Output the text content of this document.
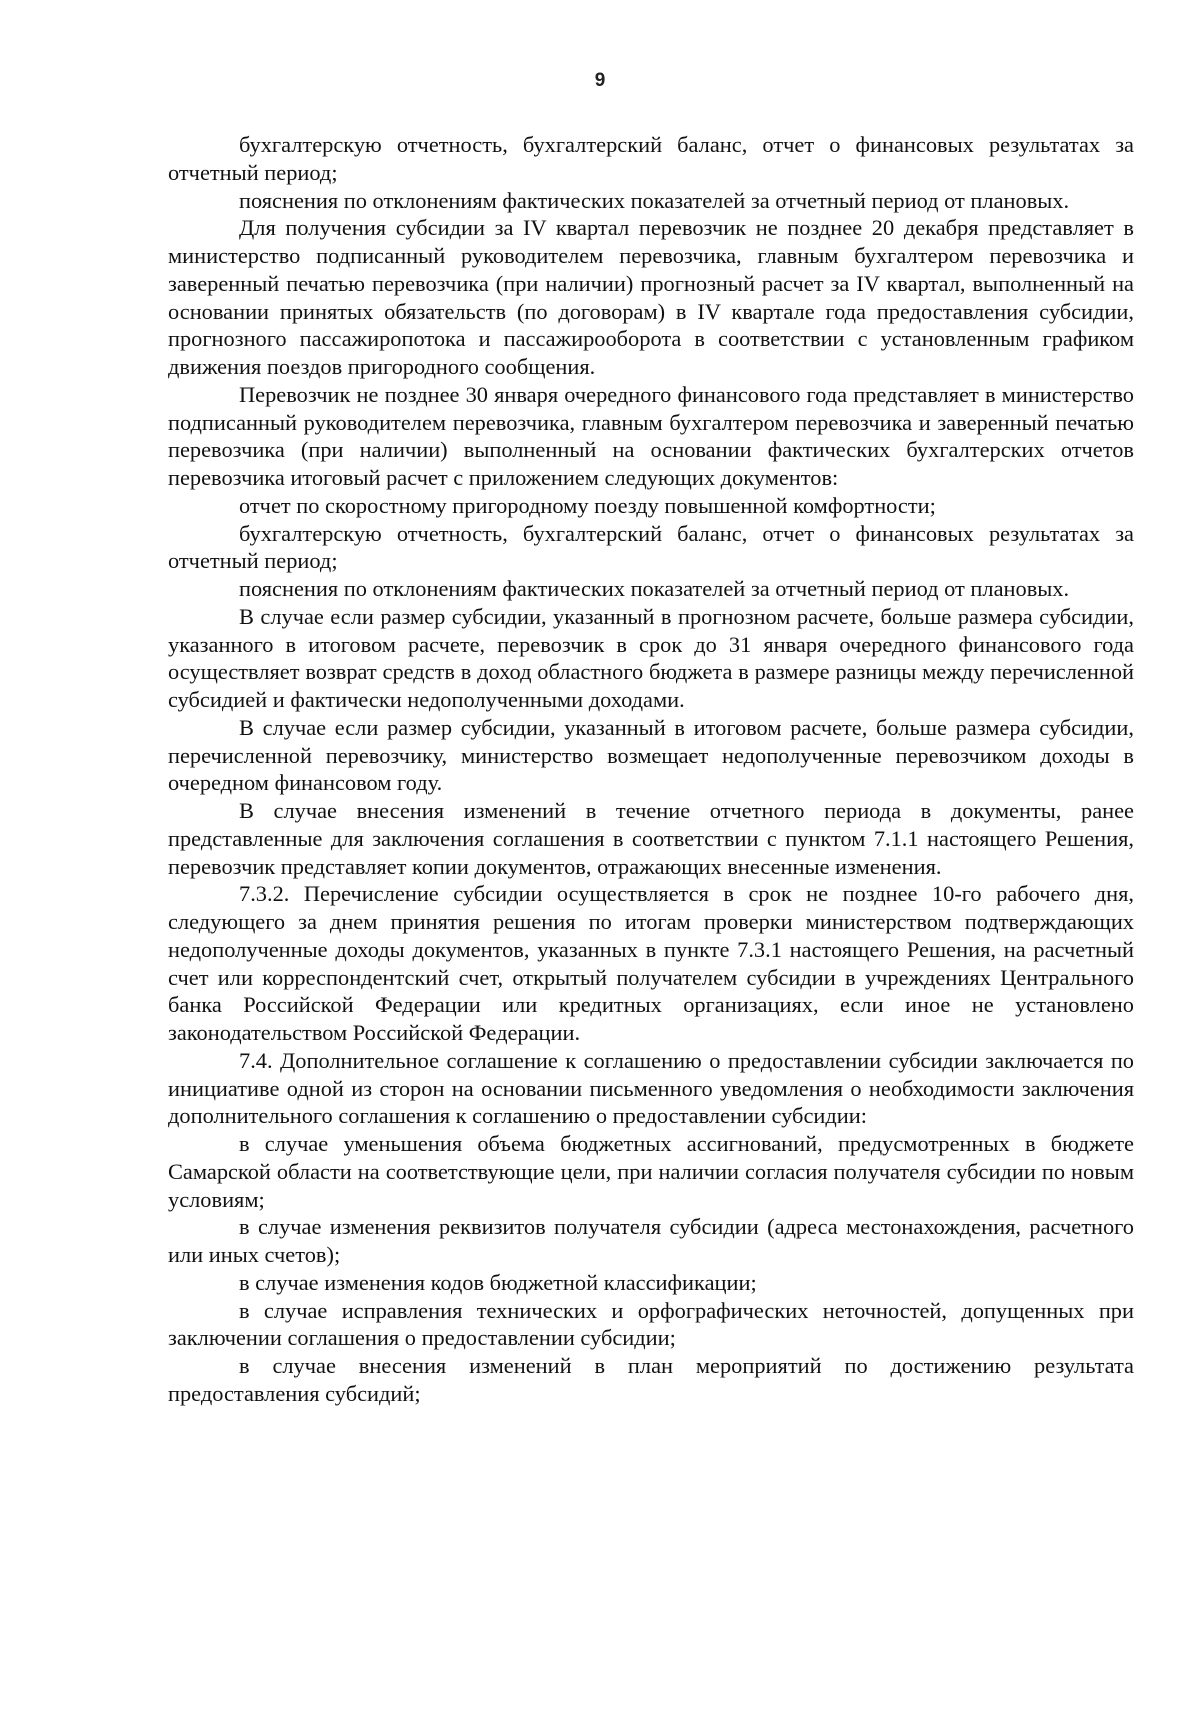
9

бухгалтерскую отчетность, бухгалтерский баланс, отчет о финансовых результатах за отчетный период;

пояснения по отклонениям фактических показателей за отчетный период от плановых.

Для получения субсидии за IV квартал перевозчик не позднее 20 декабря представляет в министерство подписанный руководителем перевозчика, главным бухгалтером перевозчика и заверенный печатью перевозчика (при наличии) прогнозный расчет за IV квартал, выполненный на основании принятых обязательств (по договорам) в IV квартале года предоставления субсидии, прогнозного пассажиропотока и пассажирооборота в соответствии с установленным графиком движения поездов пригородного сообщения.

Перевозчик не позднее 30 января очередного финансового года представляет в министерство подписанный руководителем перевозчика, главным бухгалтером перевозчика и заверенный печатью перевозчика (при наличии) выполненный на основании фактических бухгалтерских отчетов перевозчика итоговый расчет с приложением следующих документов:

отчет по скоростному пригородному поезду повышенной комфортности;

бухгалтерскую отчетность, бухгалтерский баланс, отчет о финансовых результатах за отчетный период;

пояснения по отклонениям фактических показателей за отчетный период от плановых.

В случае если размер субсидии, указанный в прогнозном расчете, больше размера субсидии, указанного в итоговом расчете, перевозчик в срок до 31 января очередного финансового года осуществляет возврат средств в доход областного бюджета в размере разницы между перечисленной субсидией и фактически недополученными доходами.

В случае если размер субсидии, указанный в итоговом расчете, больше размера субсидии, перечисленной перевозчику, министерство возмещает недополученные перевозчиком доходы в очередном финансовом году.

В случае внесения изменений в течение отчетного периода в документы, ранее представленные для заключения соглашения в соответствии с пунктом 7.1.1 настоящего Решения, перевозчик представляет копии документов, отражающих внесенные изменения.

7.3.2. Перечисление субсидии осуществляется в срок не позднее 10-го рабочего дня, следующего за днем принятия решения по итогам проверки министерством подтверждающих недополученные доходы документов, указанных в пункте 7.3.1 настоящего Решения, на расчетный счет или корреспондентский счет, открытый получателем субсидии в учреждениях Центрального банка Российской Федерации или кредитных организациях, если иное не установлено законодательством Российской Федерации.

7.4. Дополнительное соглашение к соглашению о предоставлении субсидии заключается по инициативе одной из сторон на основании письменного уведомления о необходимости заключения дополнительного соглашения к соглашению о предоставлении субсидии:

в случае уменьшения объема бюджетных ассигнований, предусмотренных в бюджете Самарской области на соответствующие цели, при наличии согласия получателя субсидии по новым условиям;

в случае изменения реквизитов получателя субсидии (адреса местонахождения, расчетного или иных счетов);

в случае изменения кодов бюджетной классификации;

в случае исправления технических и орфографических неточностей, допущенных при заключении соглашения о предоставлении субсидии;

в случае внесения изменений в план мероприятий по достижению результата предоставления субсидий;
